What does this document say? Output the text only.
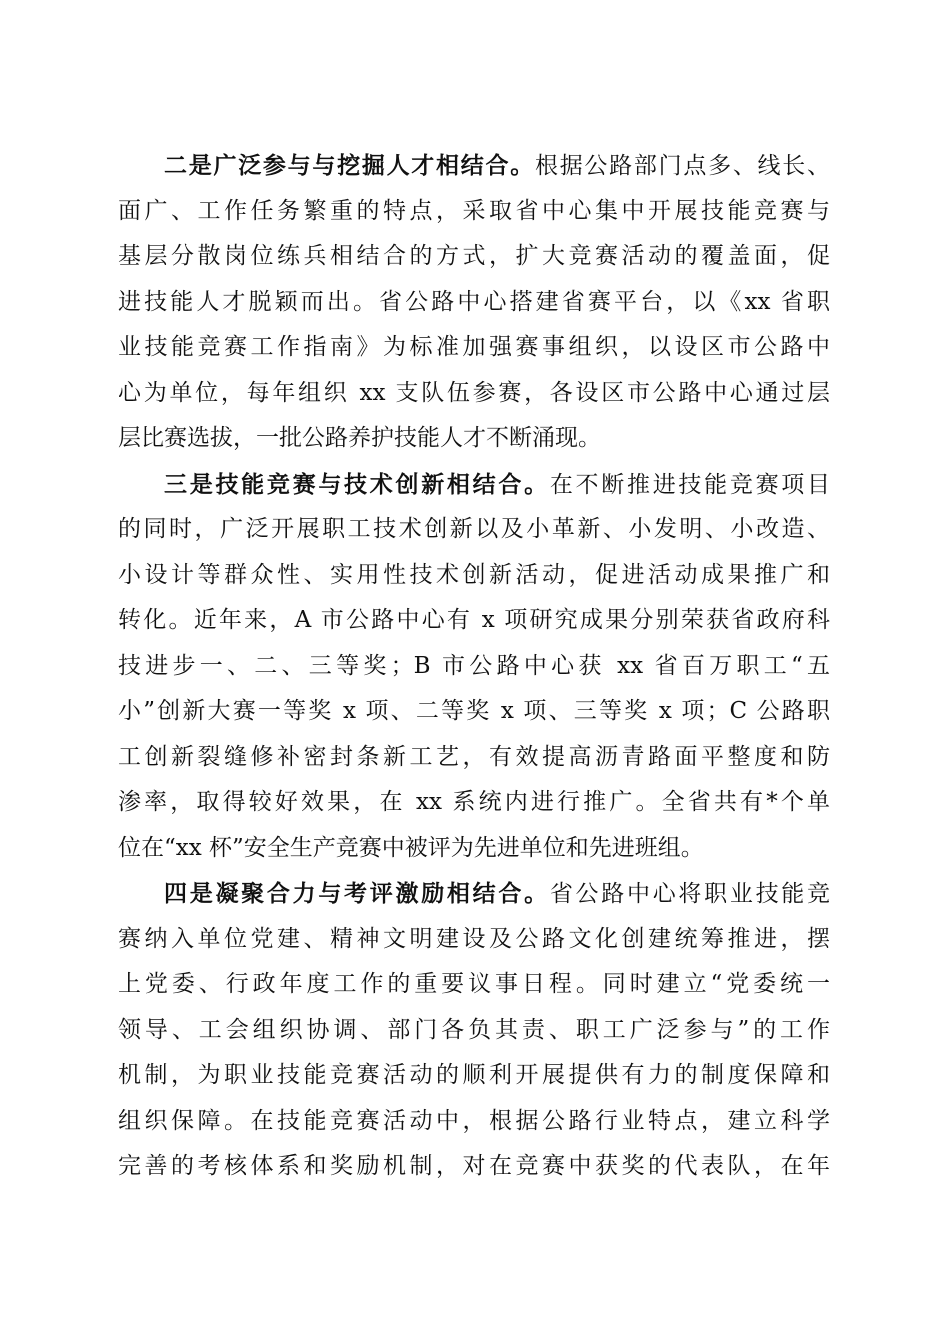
二是广泛参与与挖掘人才相结合。根据公路部门点多、线长、
面广、工作任务繁重的特点，采取省中心集中开展技能竞赛与
基层分散岗位练兵相结合的方式，扩大竞赛活动的覆盖面，促
进技能人才脱颖而出。省公路中心搭建省赛平台，以《xx 省职
业技能竞赛工作指南》为标准加强赛事组织，以设区市公路中
心为单位，每年组织 xx 支队伍参赛，各设区市公路中心通过层
层比赛选拔，一批公路养护技能人才不断涌现。
三是技能竞赛与技术创新相结合。在不断推进技能竞赛项目
的同时，广泛开展职工技术创新以及小革新、小发明、小改造、
小设计等群众性、实用性技术创新活动，促进活动成果推广和
转化。近年来，A 市公路中心有 x 项研究成果分别荣获省政府科
技进步一、二、三等奖；B 市公路中心获 xx 省百万职工“五
小”创新大赛一等奖 x 项、二等奖 x 项、三等奖 x 项；C 公路职
工创新裂缝修补密封条新工艺，有效提高沥青路面平整度和防
渗率，取得较好效果，在 xx 系统内进行推广。全省共有*个单
位在“xx 杯”安全生产竞赛中被评为先进单位和先进班组。
四是凝聚合力与考评激励相结合。省公路中心将职业技能竞
赛纳入单位党建、精神文明建设及公路文化创建统筹推进，摆
上党委、行政年度工作的重要议事日程。同时建立“党委统一
领导、工会组织协调、部门各负其责、职工广泛参与”的工作
机制，为职业技能竞赛活动的顺利开展提供有力的制度保障和
组织保障。在技能竞赛活动中，根据公路行业特点，建立科学
完善的考核体系和奖励机制，对在竞赛中获奖的代表队，在年
